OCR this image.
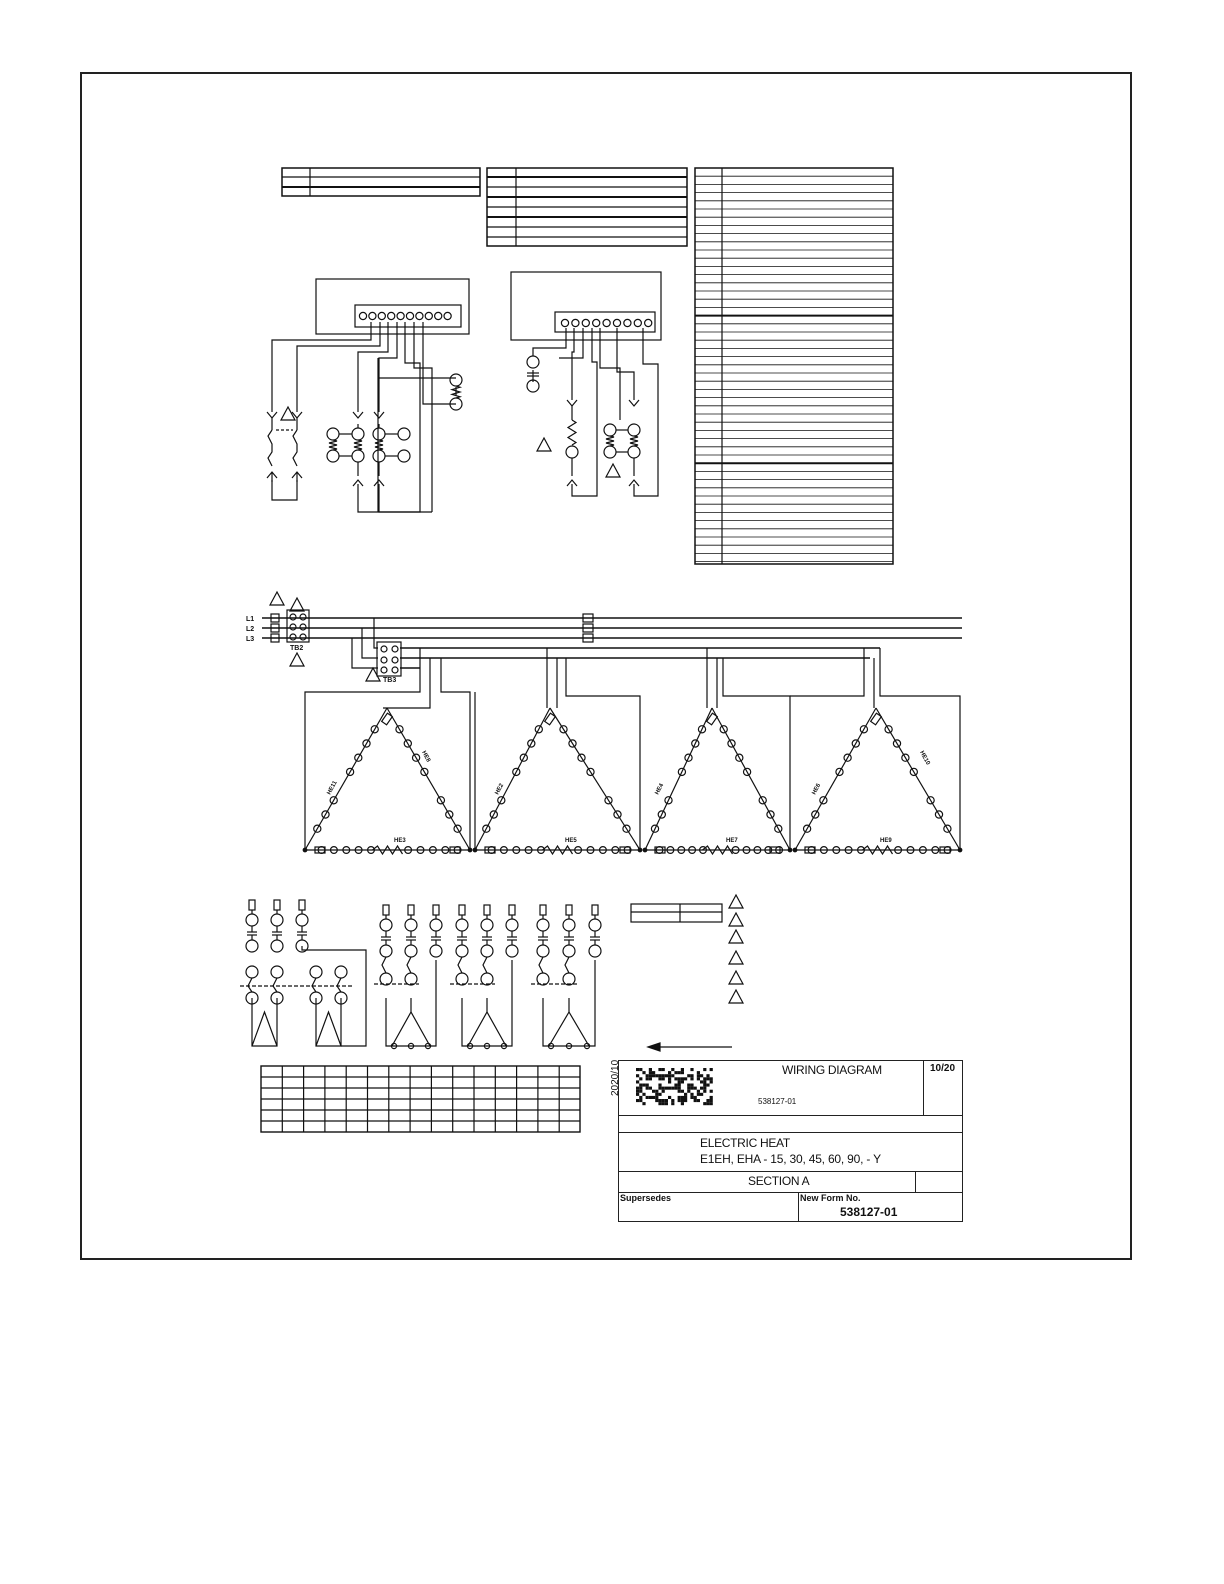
L1
L2
L3
TB2
TB3
HE3	HE5	HE7	HE9
HE11	HE2	HE4	HE6
HE8	HE10
2020/10	WIRING DIAGRAM	10/20
538127-01
ELECTRIC HEAT
E1EH, EHA - 15, 30, 45, 60, 90, - Y
SECTION A
Supersedes	New Form No.
538127-01
